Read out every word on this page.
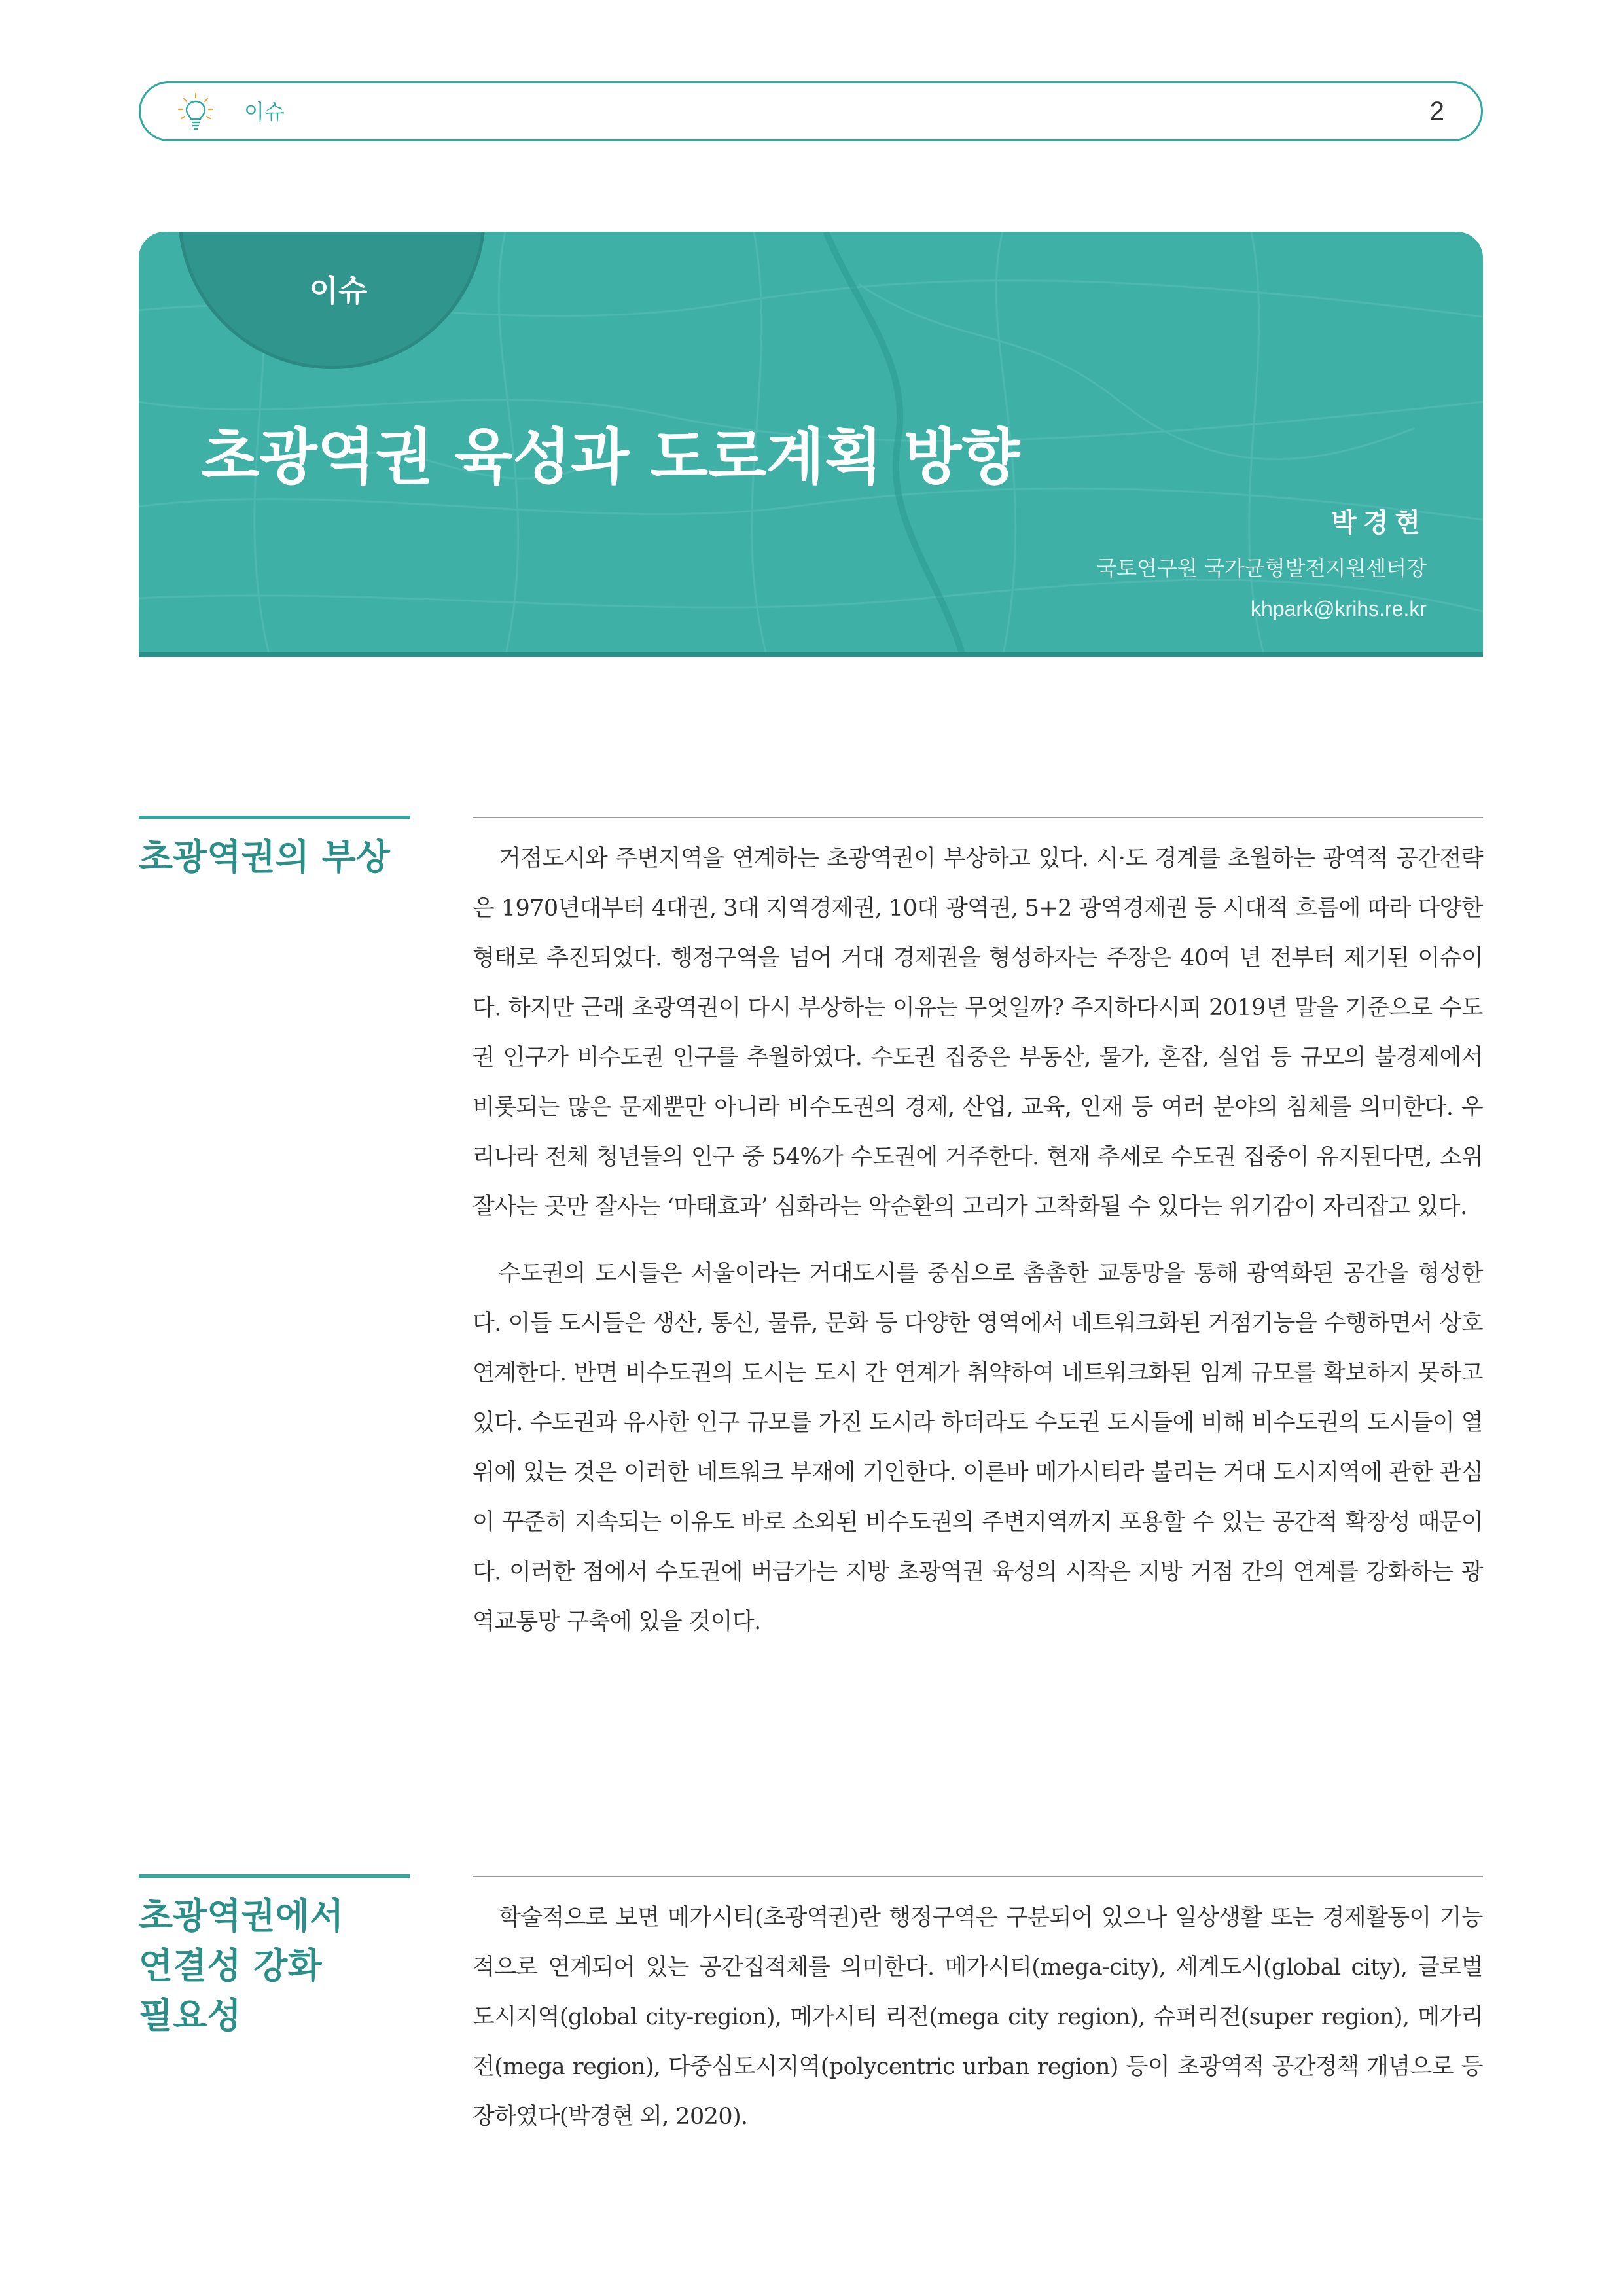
이슈	2
이슈
초광역권 육성과 도로계획 방향
박경현
국토연구원 국가균형발전지원센터장
khpark@krihs.re.kr
초광역권의 부상	거점도시와 주변지역을 연계하는 초광역권이 부상하고 있다. 시·도 경계를 초월하는 광역적 공간전략은 1970년대부터 4대권, 3대 지역경제권, 10대 광역권, 5+2 광역경제권 등 시대적 흐름에 따라 다양한 형태로 추진되었다. 행정구역을 넘어 거대 경제권을 형성하자는 주장은 40여 년 전부터 제기된 이슈이다. 하지만 근래 초광역권이 다시 부상하는 이유는 무엇일까? 주지하다시피 2019년 말을 기준으로 수도권 인구가 비수도권 인구를 추월하였다. 수도권 집중은 부동산, 물가, 혼잡, 실업 등 규모의 불경제에서 비롯되는 많은 문제뿐만 아니라 비수도권의 경제, 산업, 교육, 인재 등 여러 분야의 침체를 의미한다. 우리나라 전체 청년들의 인구 중 54%가 수도권에 거주한다. 현재 추세로 수도권 집중이 유지된다면, 소위 잘사는 곳만 잘사는 ‘마태효과’ 심화라는 악순환의 고리가 고착화될 수 있다는 위기감이 자리잡고 있다.

수도권의 도시들은 서울이라는 거대도시를 중심으로 촘촘한 교통망을 통해 광역화된 공간을 형성한다. 이들 도시들은 생산, 통신, 물류, 문화 등 다양한 영역에서 네트워크화된 거점기능을 수행하면서 상호 연계한다. 반면 비수도권의 도시는 도시 간 연계가 취약하여 네트워크화된 임계 규모를 확보하지 못하고 있다. 수도권과 유사한 인구 규모를 가진 도시라 하더라도 수도권 도시들에 비해 비수도권의 도시들이 열위에 있는 것은 이러한 네트워크 부재에 기인한다. 이른바 메가시티라 불리는 거대 도시지역에 관한 관심이 꾸준히 지속되는 이유도 바로 소외된 비수도권의 주변지역까지 포용할 수 있는 공간적 확장성 때문이다. 이러한 점에서 수도권에 버금가는 지방 초광역권 육성의 시작은 지방 거점 간의 연계를 강화하는 광역교통망 구축에 있을 것이다.

초광역권에서
연결성 강화
필요성

학술적으로 보면 메가시티(초광역권)란 행정구역은 구분되어 있으나 일상생활 또는 경제활동이 기능적으로 연계되어 있는 공간집적체를 의미한다. 메가시티(mega-city), 세계도시(global city), 글로벌 도시지역(global city-region), 메가시티 리전(mega city region), 슈퍼리전(super region), 메가리전(mega region), 다중심도시지역(polycentric urban region) 등이 초광역적 공간정책 개념으로 등장하였다(박경현 외, 2020).
